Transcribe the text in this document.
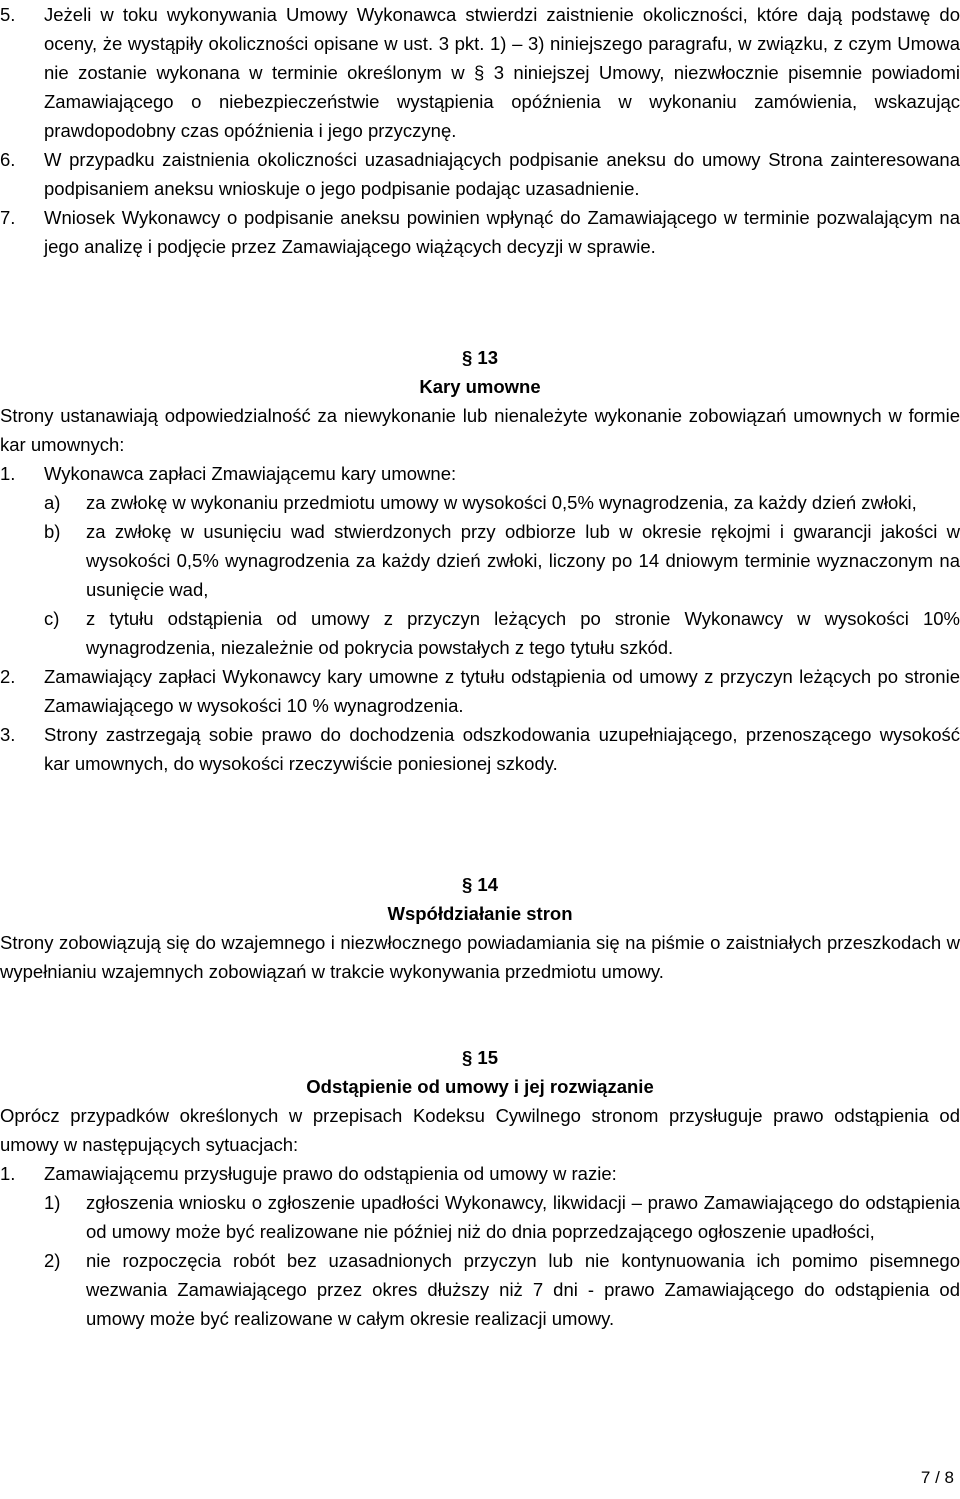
5. Jeżeli w toku wykonywania Umowy Wykonawca stwierdzi zaistnienie okoliczności, które dają podstawę do oceny, że wystąpiły okoliczności opisane w ust. 3 pkt. 1) – 3) niniejszego paragrafu, w związku, z czym Umowa nie zostanie wykonana w terminie określonym w § 3 niniejszej Umowy, niezwłocznie pisemnie powiadomi Zamawiającego o niebezpieczeństwie wystąpienia opóźnienia w wykonaniu zamówienia, wskazując prawdopodobny czas opóźnienia i jego przyczynę.
6. W przypadku zaistnienia okoliczności uzasadniających podpisanie aneksu do umowy Strona zainteresowana podpisaniem aneksu wnioskuje o jego podpisanie podając uzasadnienie.
7. Wniosek Wykonawcy o podpisanie aneksu powinien wpłynąć do Zamawiającego w terminie pozwalającym na jego analizę i podjęcie przez Zamawiającego wiążących decyzji w sprawie.
§ 13
Kary umowne
Strony ustanawiają odpowiedzialność za niewykonanie lub nienależyte wykonanie zobowiązań umownych w formie kar umownych:
1. Wykonawca zapłaci Zmawiającemu kary umowne:
a) za zwłokę w wykonaniu przedmiotu umowy w wysokości 0,5% wynagrodzenia, za każdy dzień zwłoki,
b) za zwłokę w usunięciu wad stwierdzonych przy odbiorze lub w okresie rękojmi i gwarancji jakości w wysokości 0,5% wynagrodzenia za każdy dzień zwłoki, liczony po 14 dniowym terminie wyznaczonym na usunięcie wad,
c) z tytułu odstąpienia od umowy z przyczyn leżących po stronie Wykonawcy w wysokości 10% wynagrodzenia, niezależnie od pokrycia powstałych z tego tytułu szkód.
2. Zamawiający zapłaci Wykonawcy kary umowne z tytułu odstąpienia od umowy z przyczyn leżących po stronie Zamawiającego w wysokości 10 % wynagrodzenia.
3. Strony zastrzegają sobie prawo do dochodzenia odszkodowania uzupełniającego, przenoszącego wysokość kar umownych, do wysokości rzeczywiście poniesionej szkody.
§ 14
Współdziałanie stron
Strony zobowiązują się do wzajemnego i niezwłocznego powiadamiania się na piśmie o zaistniałych przeszkodach w wypełnianiu wzajemnych zobowiązań w trakcie wykonywania przedmiotu umowy.
§ 15
Odstąpienie od umowy i jej rozwiązanie
Oprócz przypadków określonych w przepisach Kodeksu Cywilnego stronom przysługuje prawo odstąpienia od umowy w następujących sytuacjach:
1. Zamawiającemu przysługuje prawo do odstąpienia od umowy w razie:
1) zgłoszenia wniosku o zgłoszenie upadłości Wykonawcy, likwidacji – prawo Zamawiającego do odstąpienia od umowy może być realizowane nie później niż do dnia poprzedzającego ogłoszenie upadłości,
2) nie rozpoczęcia robót bez uzasadnionych przyczyn lub nie kontynuowania ich pomimo pisemnego wezwania Zamawiającego przez okres dłuższy niż 7 dni - prawo Zamawiającego do odstąpienia od umowy może być realizowane w całym okresie realizacji umowy.
7 / 8
